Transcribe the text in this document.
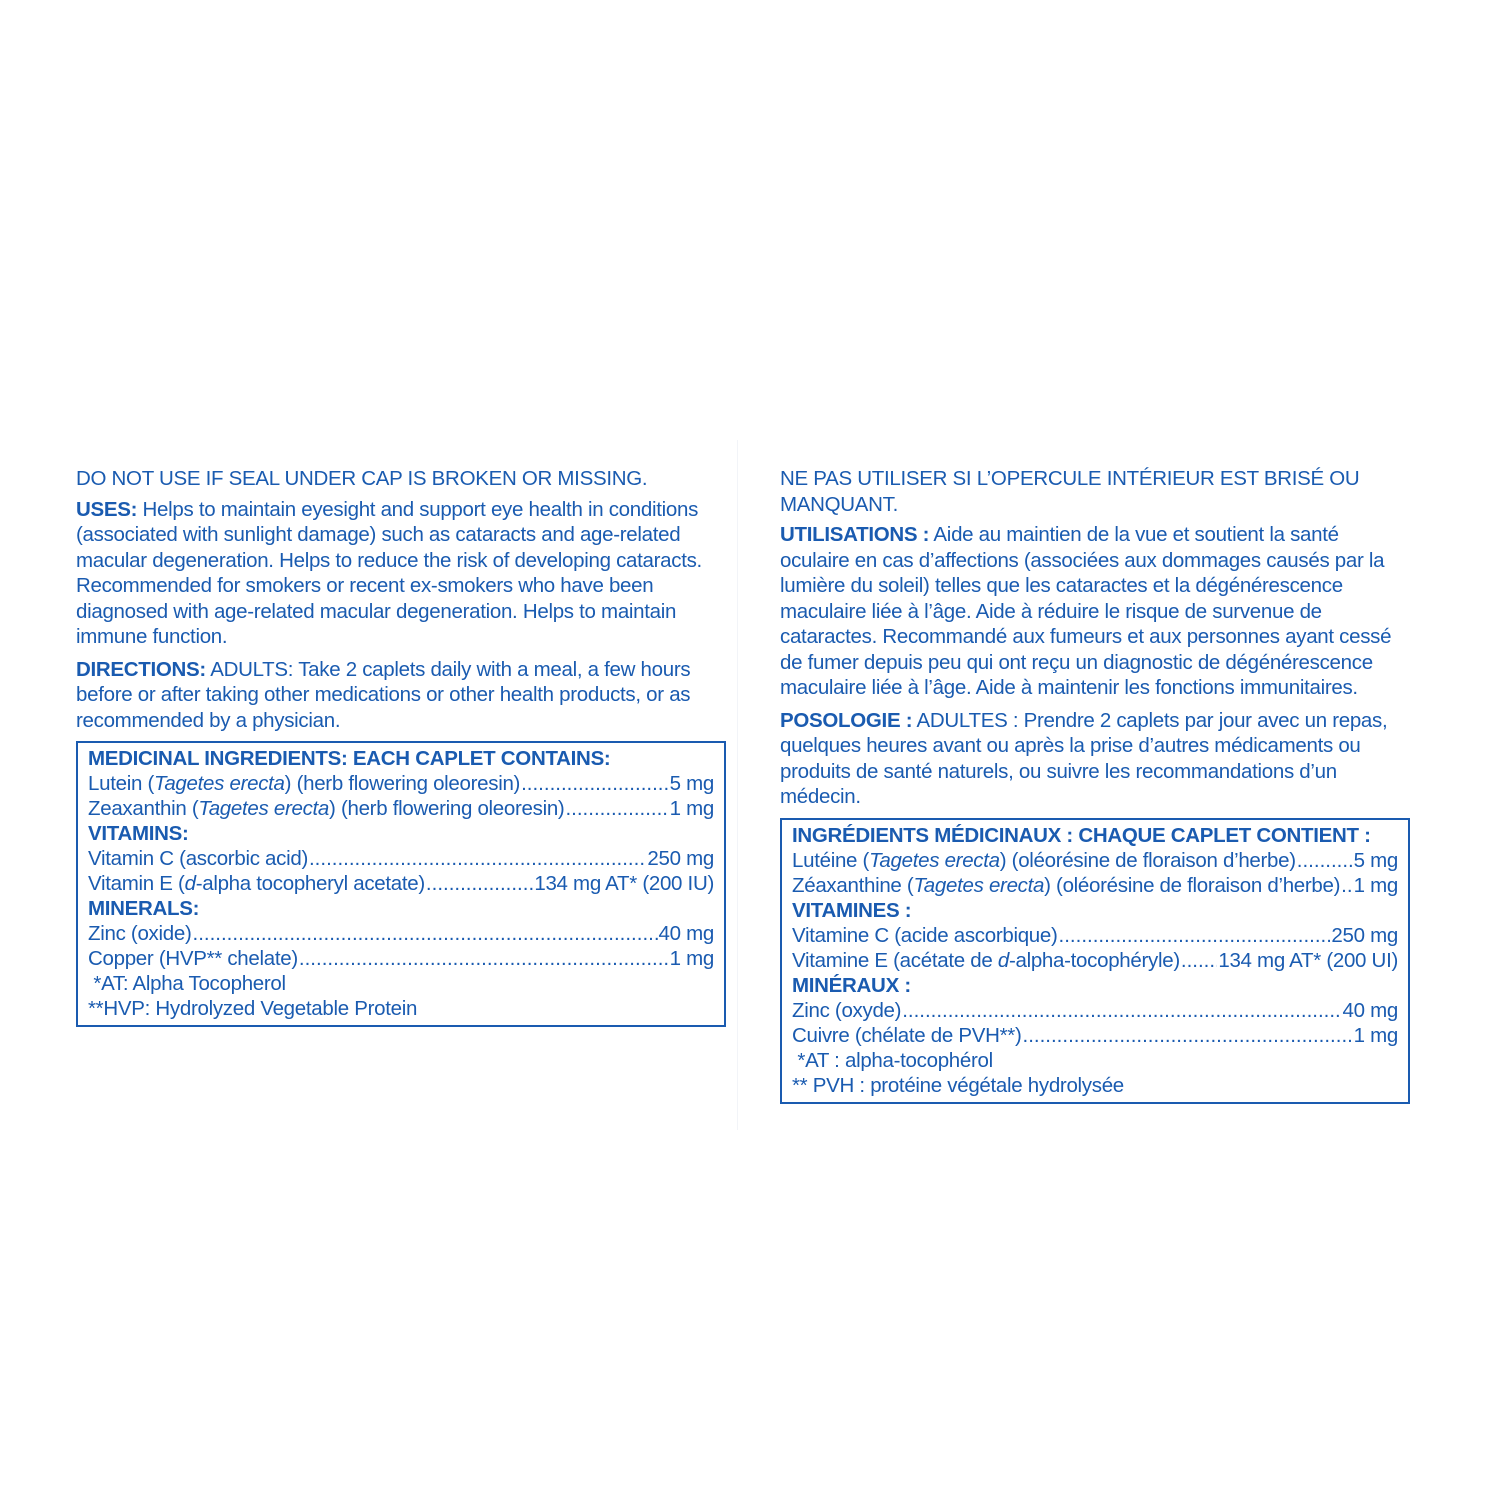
DO NOT USE IF SEAL UNDER CAP IS BROKEN OR MISSING.

USES: Helps to maintain eyesight and support eye health in conditions (associated with sunlight damage) such as cataracts and age-related macular degeneration. Helps to reduce the risk of developing cataracts. Recommended for smokers or recent ex-smokers who have been diagnosed with age-related macular degeneration. Helps to maintain immune function.

DIRECTIONS: ADULTS: Take 2 caplets daily with a meal, a few hours before or after taking other medications or other health products, or as recommended by a physician.

MEDICINAL INGREDIENTS: EACH CAPLET CONTAINS:
Lutein (Tagetes erecta) (herb flowering oleoresin) .....	5 mg
Zeaxanthin (Tagetes erecta) (herb flowering oleoresin) .....	1 mg
VITAMINS:
Vitamin C (ascorbic acid) .....	250 mg
Vitamin E (d-alpha tocopheryl acetate) .....	134 mg AT* (200 IU)
MINERALS:
Zinc (oxide) .....	40 mg
Copper (HVP** chelate) .....	1 mg
*AT: Alpha Tocopherol
**HVP: Hydrolyzed Vegetable Protein

NE PAS UTILISER SI L’OPERCULE INTÉRIEUR EST BRISÉ OU MANQUANT.

UTILISATIONS : Aide au maintien de la vue et soutient la santé oculaire en cas d’affections (associées aux dommages causés par la lumière du soleil) telles que les cataractes et la dégénérescence maculaire liée à l’âge. Aide à réduire le risque de survenue de cataractes. Recommandé aux fumeurs et aux personnes ayant cessé de fumer depuis peu qui ont reçu un diagnostic de dégénérescence maculaire liée à l’âge. Aide à maintenir les fonctions immunitaires.

POSOLOGIE : ADULTES : Prendre 2 caplets par jour avec un repas, quelques heures avant ou après la prise d’autres médicaments ou produits de santé naturels, ou suivre les recommandations d’un médecin.

INGRÉDIENTS MÉDICINAUX : CHAQUE CAPLET CONTIENT :
Lutéine (Tagetes erecta) (oléorésine de floraison d’herbe) .....	5 mg
Zéaxanthine (Tagetes erecta) (oléorésine de floraison d’herbe) ..... 1 mg
VITAMINES :
Vitamine C (acide ascorbique) .....	250 mg
Vitamine E (acétate de d-alpha-tocophéryle) ..... 134 mg AT* (200 UI)
MINÉRAUX :
Zinc (oxyde) .....	40 mg
Cuivre (chélate de PVH**) .....	1 mg
*AT : alpha-tocophérol
** PVH : protéine végétale hydrolysée
